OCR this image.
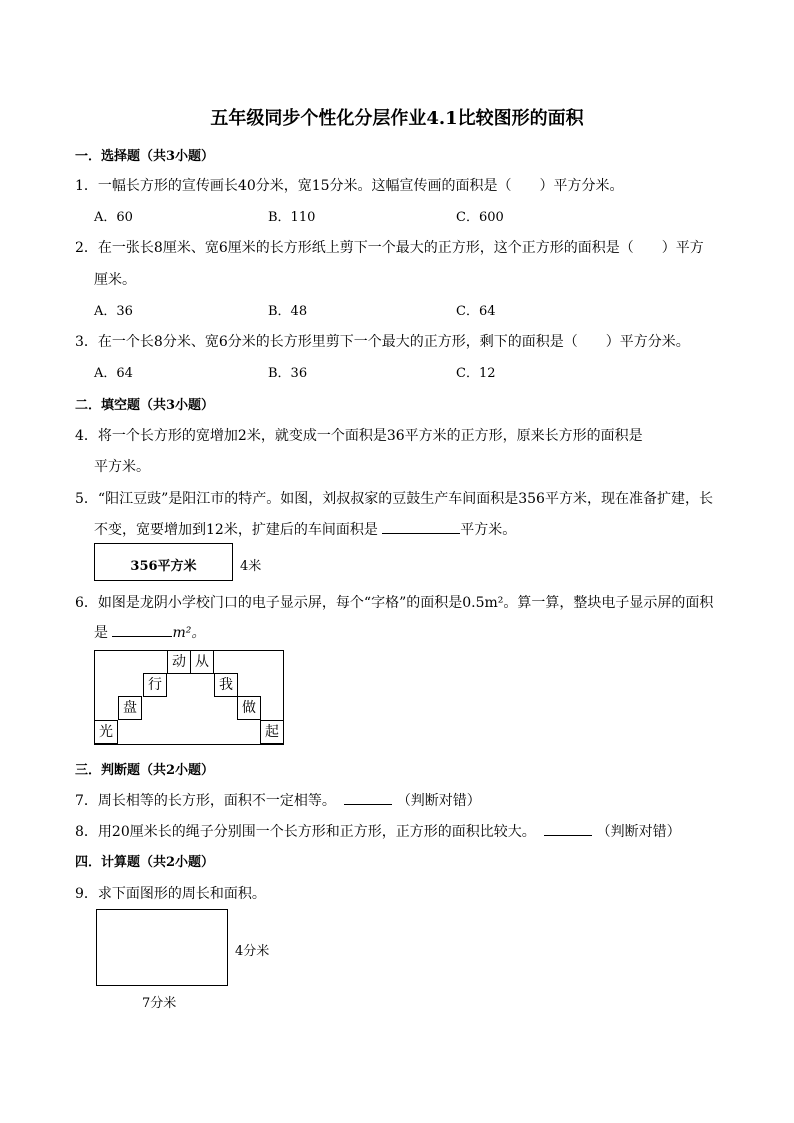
五年级同步个性化分层作业4.1比较图形的面积
一．选择题（共3小题）
1．一幅长方形的宣传画长40分米，宽15分米。这幅宣传画的面积是（　　）平方分米。
A．60	B．110	C．600
2．在一张长8厘米、宽6厘米的长方形纸上剪下一个最大的正方形，这个正方形的面积是（　　）平方
厘米。
A．36	B．48	C．64
3．在一个长8分米、宽6分米的长方形里剪下一个最大的正方形，剩下的面积是（　　）平方分米。
A．64	B．36	C．12
二．填空题（共3小题）
4．将一个长方形的宽增加2米，就变成一个面积是36平方米的正方形，原来长方形的面积是
平方米。
5．“阳江豆豉”是阳江市的特产。如图，刘叔叔家的豆鼓生产车间面积是356平方米，现在准备扩建，长
不变，宽要增加到12米，扩建后的车间面积是	平方米。
356平方米	4米
6．如图是龙阴小学校门口的电子显示屏，每个“字格”的面积是0.5m²。算一算，整块电子显示屏的面积
是	m²。
动 从
行	我
盘	做
光	起
三．判断题（共2小题）
7．周长相等的长方形，面积不一定相等。	（判断对错）
8．用20厘米长的绳子分别围一个长方形和正方形，正方形的面积比较大。	（判断对错）
四．计算题（共2小题）
9．求下面图形的周长和面积。
4分米
7分米
